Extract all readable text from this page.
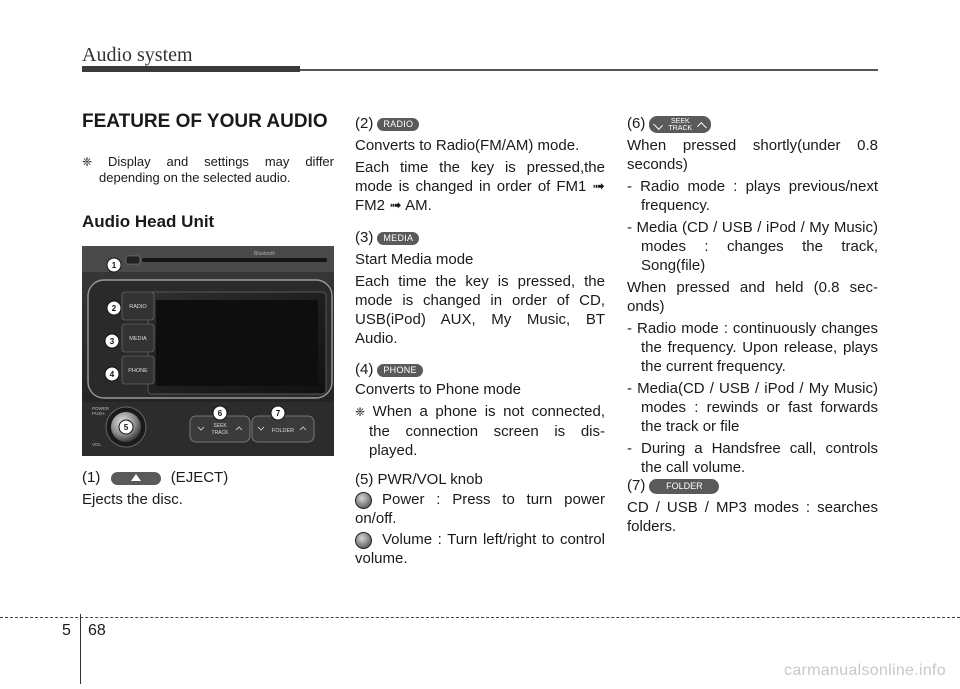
Audio system
FEATURE OF YOUR AUDIO
❈ Display and settings may differ
depending on the selected audio.
Audio Head Unit
Bluetooth
RADIO
MEDIA
PHONE
POWER
PUSH
VOL
SEEK
TRACK	FOLDER
1
2
3
4
5
6	7
(1)	(EJECT)
Ejects the disc.
(2) RADIO
Converts to Radio(FM/AM) mode.
Each time the key is pressed,the
mode is changed in order of FM1 ➟
FM2 ➟ AM.
(3) MEDIA
Start Media mode
Each time the key is pressed, the
mode is changed in order of CD,
USB(iPod) AUX, My Music, BT
Audio.
(4) PHONE
Converts to Phone mode
❈ When a phone is not connected,
the connection screen is dis-
played.
(5) PWR/VOL knob
Power : Press to turn power
on/off.
Volume : Turn left/right to control
volume.
(6)	SEEK
TRACK
When pressed shortly(under 0.8
seconds)
- Radio mode : plays previous/next
frequency.
- Media (CD / USB / iPod / My Music)
modes : changes the track,
Song(file)
When pressed and held (0.8 sec-
onds)
- Radio mode : continuously changes
the frequency. Upon release, plays
the current frequency.
- Media(CD / USB / iPod / My Music)
modes : rewinds or fast forwards
the track or file
- During a Handsfree call, controls
the call volume.
(7) FOLDER
CD / USB / MP3 modes : searches
folders.
5 68
carmanualsonline.info
